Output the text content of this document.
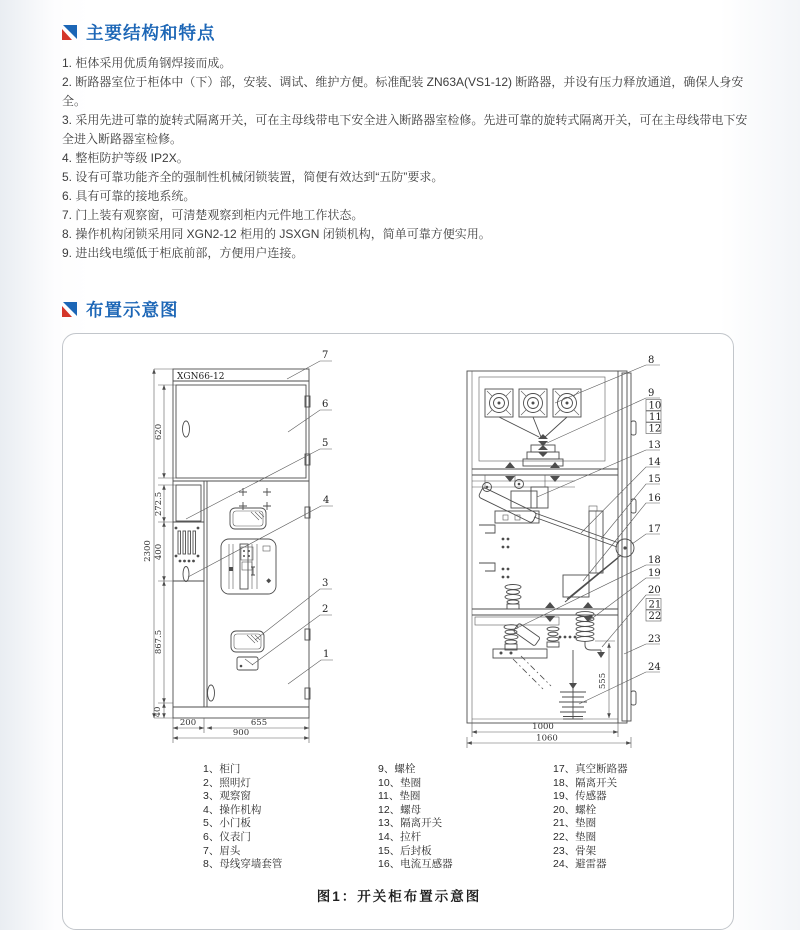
主要结构和特点

1. 柜体采用优质角钢焊接而成。

2. 断路器室位于柜体中（下）部，安装、调试、维护方便。标准配装 ZN63A(VS1-12) 断路器，并设有压力释放通道，确保人身安全。

3. 采用先进可靠的旋转式隔离开关，可在主母线带电下安全进入断路器室检修。先进可靠的旋转式隔离开关，可在主母线带电下安全进入断路器室检修。

4. 整柜防护等级 IP2X。

5. 设有可靠功能齐全的强制性机械闭锁装置，简便有效达到“五防”要求。

6. 具有可靠的接地系统。

7. 门上装有观察窗，可清楚观察到柜内元件地工作状态。

8. 操作机构闭锁采用同 XGN2-12 柜用的 JSXGN 闭锁机构，简单可靠方便实用。

9. 进出线电缆低于柜底前部，方便用户连接。

布置示意图
XGN66-12
2300
620
272.5
400
867.5
40
200	655
900
7
6
5
4
3
2
1
555
1000
1060
8
9
10
11
12
13
14
15
16
17
18
19
20
21
22
23
24
1、柜门
2、照明灯
3、观察窗
4、操作机构
5、小门板
6、仪表门
7、眉头
8、母线穿墙套管
9、螺栓
10、垫圈
11、垫圈
12、螺母
13、隔离开关
14、拉杆
15、后封板
16、电流互感器
17、真空断路器
18、隔离开关
19、传感器
20、螺栓
21、垫圈
22、垫圈
23、骨架
24、避雷器
图1：开关柜布置示意图
